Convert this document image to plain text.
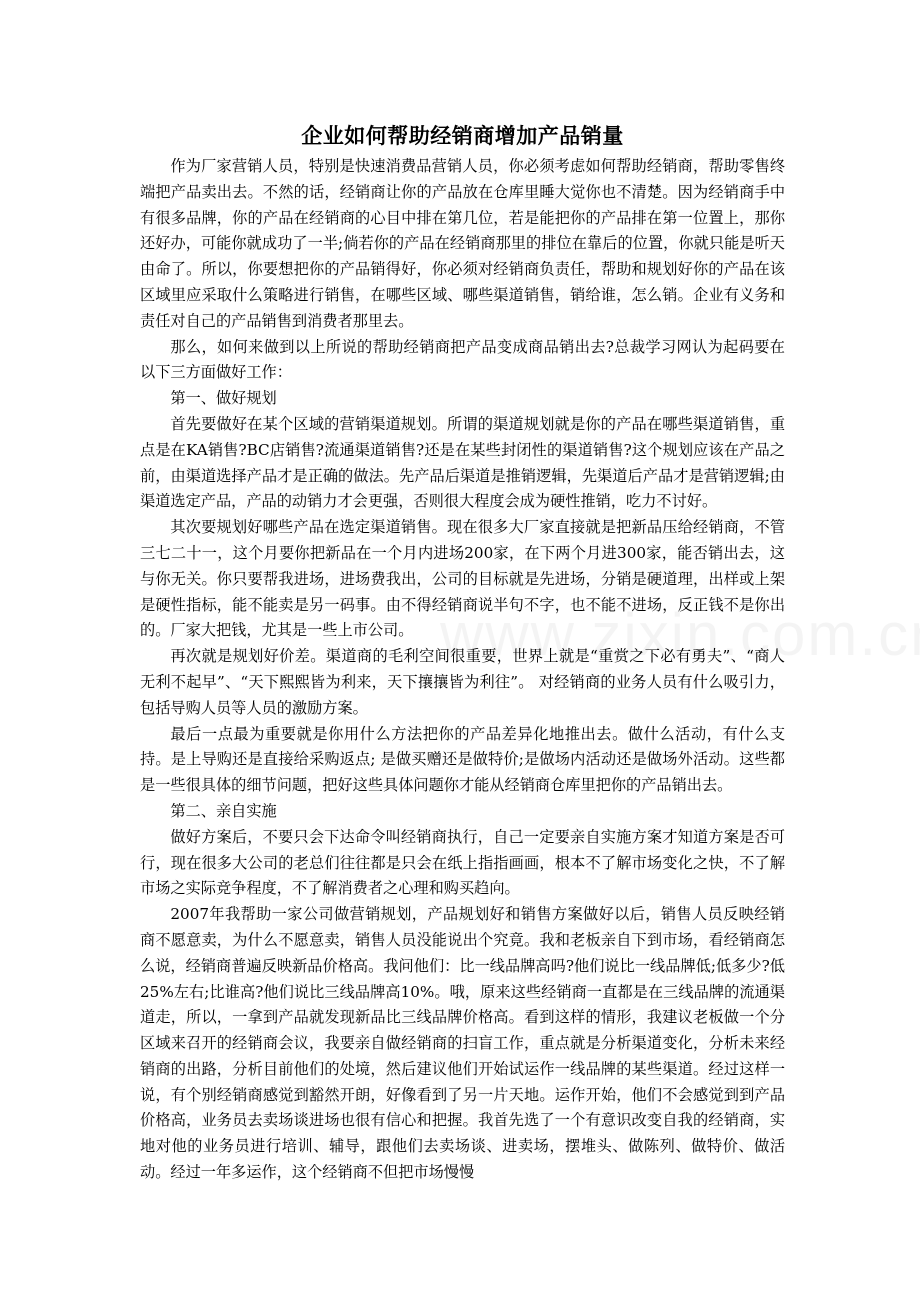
企业如何帮助经销商增加产品销量

作为厂家营销人员，特别是快速消费品营销人员，你必须考虑如何帮助经销商，帮助零售终端把产品卖出去。不然的话，经销商让你的产品放在仓库里睡大觉你也不清楚。因为经销商手中有很多品牌，你的产品在经销商的心目中排在第几位，若是能把你的产品排在第一位置上，那你还好办，可能你就成功了一半;倘若你的产品在经销商那里的排位在靠后的位置，你就只能是听天由命了。所以，你要想把你的产品销得好，你必须对经销商负责任，帮助和规划好你的产品在该区域里应采取什么策略进行销售，在哪些区域、哪些渠道销售，销给谁，怎么销。企业有义务和责任对自己的产品销售到消费者那里去。

那么，如何来做到以上所说的帮助经销商把产品变成商品销出去?总裁学习网认为起码要在以下三方面做好工作：

第一、做好规划

首先要做好在某个区域的营销渠道规划。所谓的渠道规划就是你的产品在哪些渠道销售，重点是在KA销售?BC店销售?流通渠道销售?还是在某些封闭性的渠道销售?这个规划应该在产品之前，由渠道选择产品才是正确的做法。先产品后渠道是推销逻辑，先渠道后产品才是营销逻辑;由渠道选定产品，产品的动销力才会更强，否则很大程度会成为硬性推销，吃力不讨好。

其次要规划好哪些产品在选定渠道销售。现在很多大厂家直接就是把新品压给经销商，不管三七二十一，这个月要你把新品在一个月内进场200家，在下两个月进300家，能否销出去，这与你无关。你只要帮我进场，进场费我出，公司的目标就是先进场，分销是硬道理，出样或上架是硬性指标，能不能卖是另一码事。由不得经销商说半句不字，也不能不进场，反正钱不是你出的。厂家大把钱，尤其是一些上市公司。

再次就是规划好价差。渠道商的毛利空间很重要，世界上就是“重赏之下必有勇夫”、“商人无利不起早”、“天下熙熙皆为利来，天下攘攘皆为利往”。 对经销商的业务人员有什么吸引力，包括导购人员等人员的激励方案。

最后一点最为重要就是你用什么方法把你的产品差异化地推出去。做什么活动，有什么支持。是上导购还是直接给采购返点; 是做买赠还是做特价;是做场内活动还是做场外活动。这些都是一些很具体的细节问题，把好这些具体问题你才能从经销商仓库里把你的产品销出去。

第二、亲自实施

做好方案后，不要只会下达命令叫经销商执行，自己一定要亲自实施方案才知道方案是否可行，现在很多大公司的老总们往往都是只会在纸上指指画画，根本不了解市场变化之快，不了解市场之实际竞争程度，不了解消费者之心理和购买趋向。

2007年我帮助一家公司做营销规划，产品规划好和销售方案做好以后，销售人员反映经销商不愿意卖，为什么不愿意卖，销售人员没能说出个究竟。我和老板亲自下到市场，看经销商怎么说，经销商普遍反映新品价格高。我问他们：比一线品牌高吗?他们说比一线品牌低;低多少?低25%左右;比谁高?他们说比三线品牌高10%。哦，原来这些经销商一直都是在三线品牌的流通渠道走，所以，一拿到产品就发现新品比三线品牌价格高。看到这样的情形，我建议老板做一个分区域来召开的经销商会议，我要亲自做经销商的扫盲工作，重点就是分析渠道变化，分析未来经销商的出路，分析目前他们的处境，然后建议他们开始试运作一线品牌的某些渠道。经过这样一说，有个别经销商感觉到豁然开朗，好像看到了另一片天地。运作开始，他们不会感觉到到产品价格高，业务员去卖场谈进场也很有信心和把握。我首先选了一个有意识改变自我的经销商，实地对他的业务员进行培训、辅导，跟他们去卖场谈、进卖场，摆堆头、做陈列、做特价、做活动。经过一年多运作，这个经销商不但把市场慢慢
